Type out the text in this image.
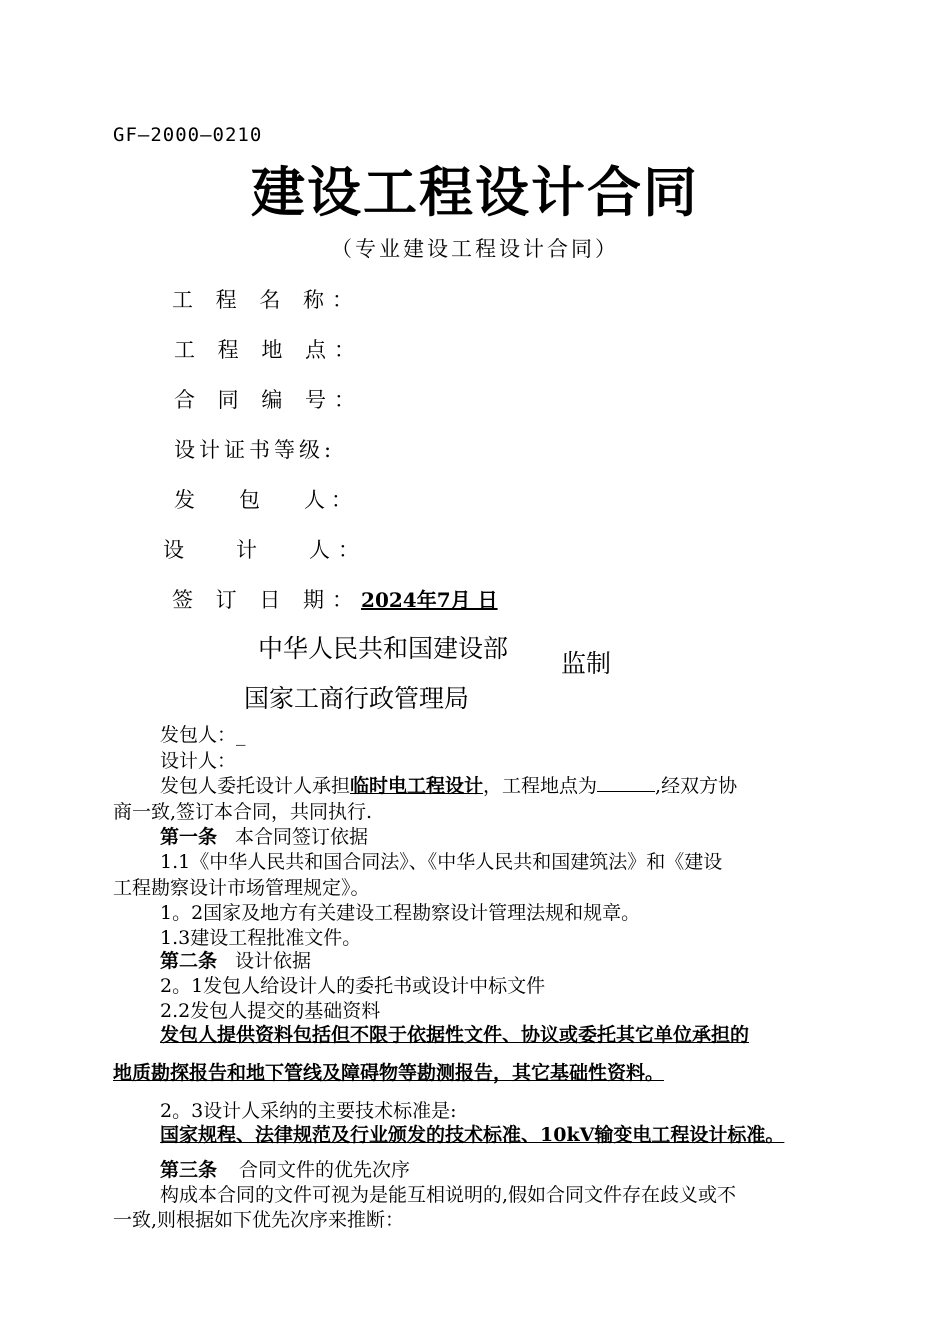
GF—2000—0210
建设工程设计合同
（专业建设工程设计合同）
工 程 名 称：
工 程 地 点：
合 同 编 号：
设计证书等级:
发   包   人：
设   计   人：
签 订 日 期：2024年7月 日
中华人民共和国建设部
监制
国家工商行政管理局
发包人：_
设计人：
发包人委托设计人承担临时电工程设计，工程地点为	,经双方协
商一致,签订本合同，共同执行.
第一条 本合同签订依据
1.1《中华人民共和国合同法》、《中华人民共和国建筑法》和《建设
工程勘察设计市场管理规定》。
1。2国家及地方有关建设工程勘察设计管理法规和规章。
1.3建设工程批准文件。
第二条 设计依据
2。1发包人给设计人的委托书或设计中标文件
2.2发包人提交的基础资料
发包人提供资料包括但不限于依据性文件、协议或委托其它单位承担的
地质勘探报告和地下管线及障碍物等勘测报告，其它基础性资料。
2。3设计人采纳的主要技术标准是:
国家规程、法律规范及行业颁发的技术标准、10kV输变电工程设计标准。
第三条 合同文件的优先次序
构成本合同的文件可视为是能互相说明的,假如合同文件存在歧义或不
一致,则根据如下优先次序来推断：
